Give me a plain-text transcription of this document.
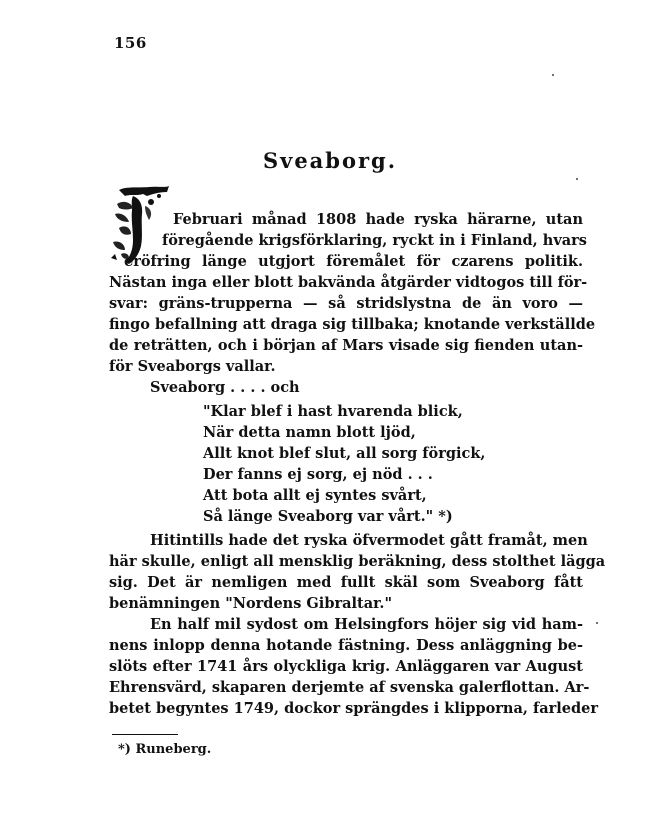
156
Sveaborg.
Februari månad 1808 hade ryska härarne, utan
föregående krigsförklaring, ryckt in i Finland, hvars
eröfring länge utgjort föremålet för czarens politik.
Nästan inga eller blott bakvända åtgärder vidtogos till för-
svar: gräns-trupperna — så stridslystna de än voro —
fingo befallning att draga sig tillbaka; knotande verkställde
de reträtten, och i början af Mars visade sig fienden utan-
för Sveaborgs vallar.
Sveaborg . . . . och
"Klar blef i hast hvarenda blick,
När detta namn blott ljöd,
Allt knot blef slut, all sorg förgick,
Der fanns ej sorg, ej nöd . . .
Att bota allt ej syntes svårt,
Så länge Sveaborg var vårt." *)
Hitintills hade det ryska öfvermodet gått framåt, men
här skulle, enligt all mensklig beräkning, dess stolthet lägga
sig. Det är nemligen med fullt skäl som Sveaborg fått
benämningen "Nordens Gibraltar."
En half mil sydost om Helsingfors höjer sig vid ham-
nens inlopp denna hotande fästning. Dess anläggning be-
slöts efter 1741 års olyckliga krig. Anläggaren var August
Ehrensvärd, skaparen derjemte af svenska galerflottan. Ar-
betet begyntes 1749, dockor sprängdes i klipporna, farleder
*) Runeberg.
